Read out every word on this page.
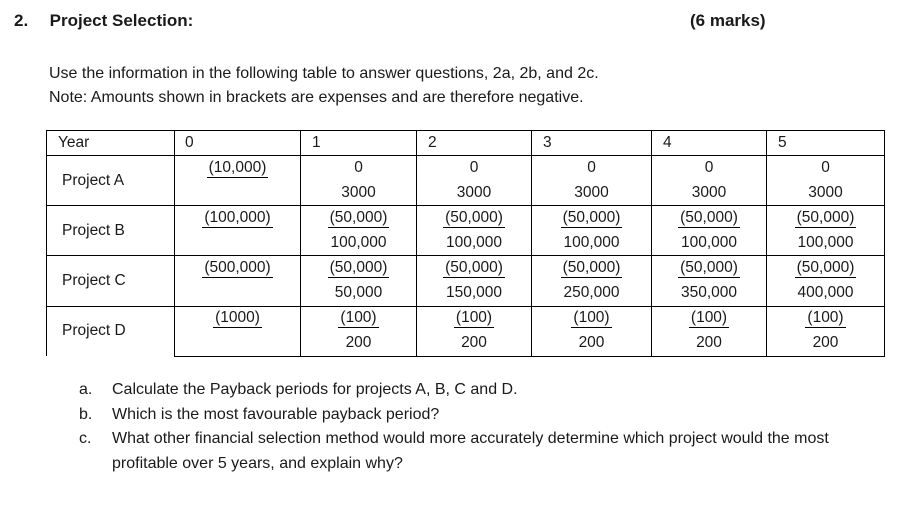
2. Project Selection:	(6 marks)
Use the information in the following table to answer questions, 2a, 2b, and 2c.
Note: Amounts shown in brackets are expenses and are therefore negative.
Year	0	1	2	3	4	5
Project A	(10,000)	0	0	0	0	0
		3000	3000	3000	3000	3000
Project B	(100,000)	(50,000)	(50,000)	(50,000)	(50,000)	(50,000)
		100,000	100,000	100,000	100,000	100,000
Project C	(500,000)	(50,000)	(50,000)	(50,000)	(50,000)	(50,000)
		50,000	150,000	250,000	350,000	400,000
Project D	(1000)	(100)	(100)	(100)	(100)	(100)
		200	200	200	200	200
a. Calculate the Payback periods for projects A, B, C and D.
b. Which is the most favourable payback period?
c. What other financial selection method would more accurately determine which project would the most profitable over 5 years, and explain why?
